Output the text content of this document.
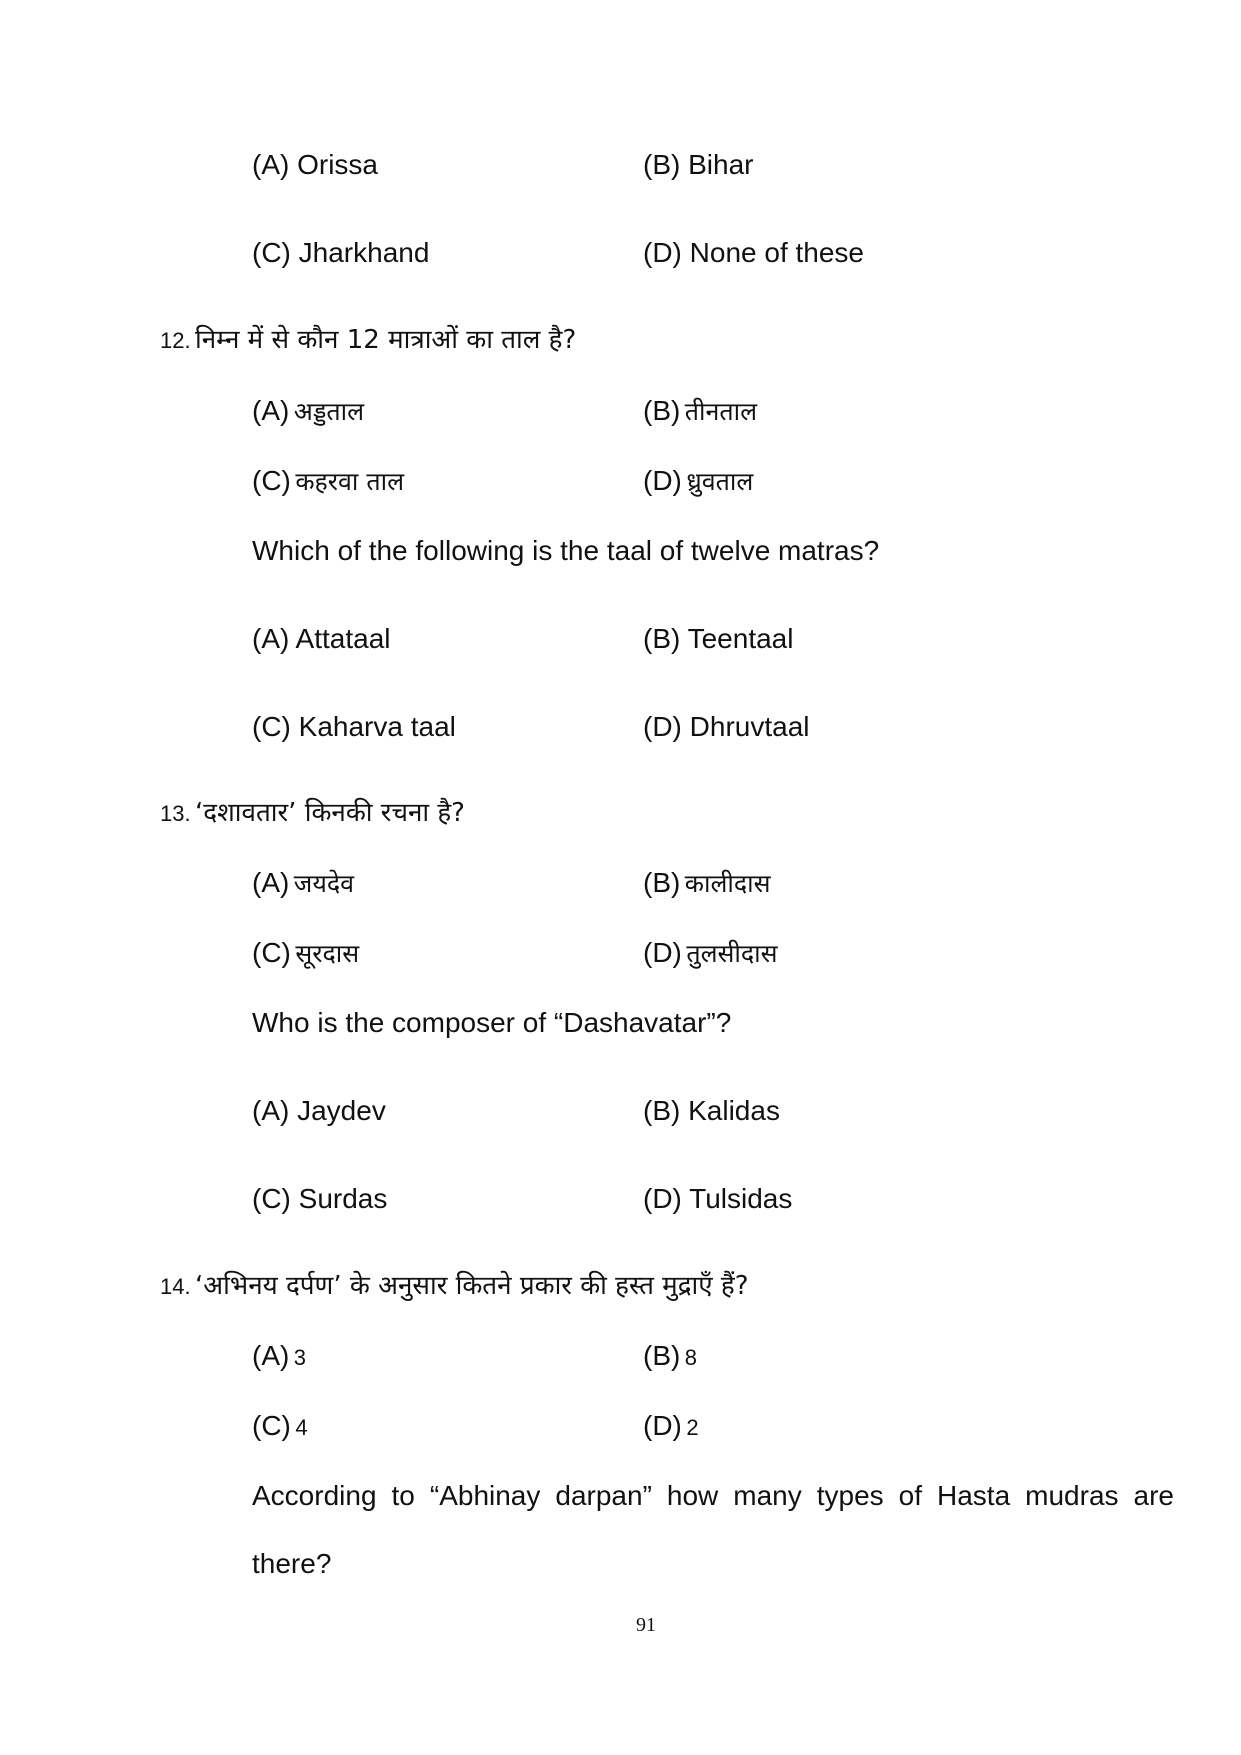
(A) Orissa	(B) Bihar
(C) Jharkhand	(D) None of these
12. निम्न में से कौन 12 मात्राओं का ताल है?
(A) अड्डताल	(B) तीनताल
(C) कहरवा ताल	(D) ध्रुवताल
Which of the following is the taal of twelve matras?
(A) Attataal	(B) Teentaal
(C) Kaharva taal	(D) Dhruvtaal
13. ‘दशावतार’ किनकी रचना है?
(A) जयदेव	(B) कालीदास
(C) सूरदास	(D) तुलसीदास
Who is the composer of “Dashavatar”?
(A) Jaydev	(B) Kalidas
(C) Surdas	(D) Tulsidas
14. ‘अभिनय दर्पण’ के अनुसार कितने प्रकार की हस्त मुद्राएँ हैं?
(A) 3	(B) 8
(C) 4	(D) 2
According to “Abhinay darpan” how many types of Hasta mudras are there?
91
